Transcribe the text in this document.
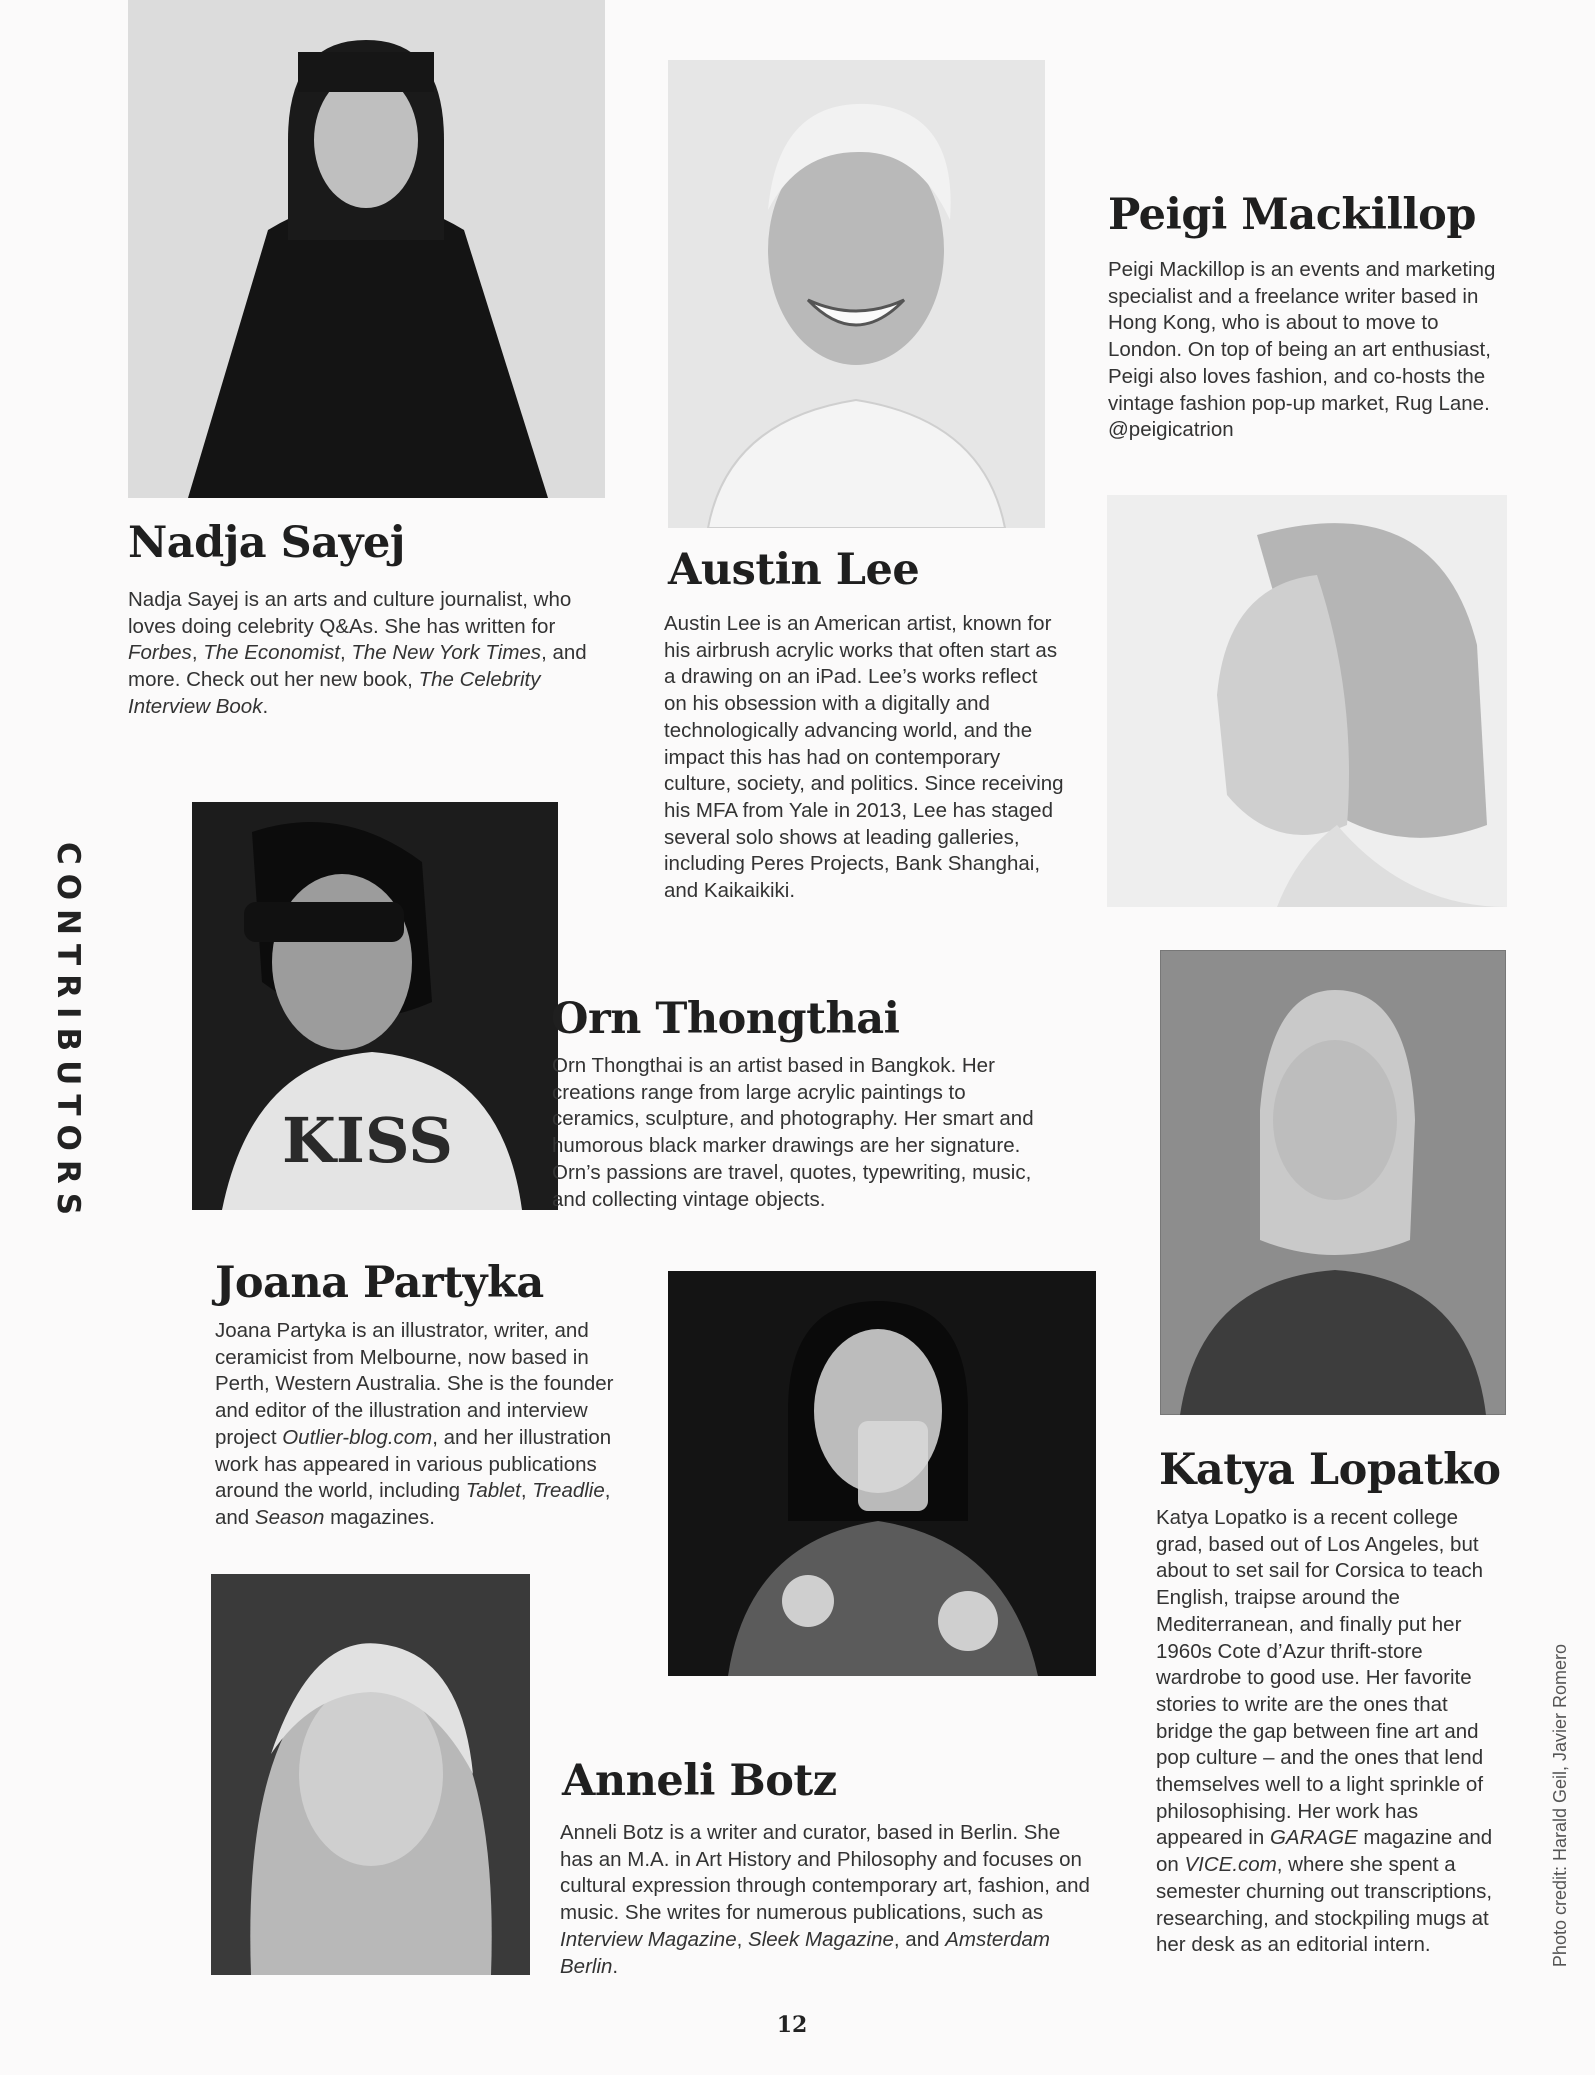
CONTRIBUTORS
Nadja Sayej

Nadja Sayej is an arts and culture journalist, who loves doing celebrity Q&As. She has written for Forbes, The Economist, The New York Times, and more. Check out her new book, The Celebrity Interview Book.

Austin Lee

Austin Lee is an American artist, known for his airbrush acrylic works that often start as a drawing on an iPad. Lee’s works reflect on his obsession with a digitally and technologically advancing world, and the impact this has had on contemporary culture, society, and politics. Since receiving his MFA from Yale in 2013, Lee has staged several solo shows at leading galleries, including Peres Projects, Bank Shanghai, and Kaikaikiki.

Peigi Mackillop

Peigi Mackillop is an events and marketing specialist and a freelance writer based in Hong Kong, who is about to move to London. On top of being an art enthusiast, Peigi also loves fashion, and co-hosts the vintage fashion pop-up market, Rug Lane. @peigicatrion

KISS
Orn Thongthai

Orn Thongthai is an artist based in Bangkok. Her creations range from large acrylic paintings to ceramics, sculpture, and photography. Her smart and humorous black marker drawings are her signature. Orn’s passions are travel, quotes, typewriting, music, and collecting vintage objects.

Joana Partyka

Joana Partyka is an illustrator, writer, and ceramicist from Melbourne, now based in Perth, Western Australia. She is the founder and editor of the illustration and interview project Outlier-blog.com, and her illustration work has appeared in various publications around the world, including Tablet, Treadlie, and Season magazines.

Katya Lopatko

Katya Lopatko is a recent college grad, based out of Los Angeles, but about to set sail for Corsica to teach English, traipse around the Mediterranean, and finally put her 1960s Cote d’Azur thrift-store wardrobe to good use. Her favorite stories to write are the ones that bridge the gap between fine art and pop culture – and the ones that lend themselves well to a light sprinkle of philosophising. Her work has appeared in GARAGE magazine and on VICE.com, where she spent a semester churning out transcriptions, researching, and stockpiling mugs at her desk as an editorial intern.

Anneli Botz

Anneli Botz is a writer and curator, based in Berlin. She has an M.A. in Art History and Philosophy and focuses on cultural expression through contemporary art, fashion, and music. She writes for numerous publications, such as Interview Magazine, Sleek Magazine, and Amsterdam Berlin.	Photo credit: Harald Geil, Javier Romero
12
